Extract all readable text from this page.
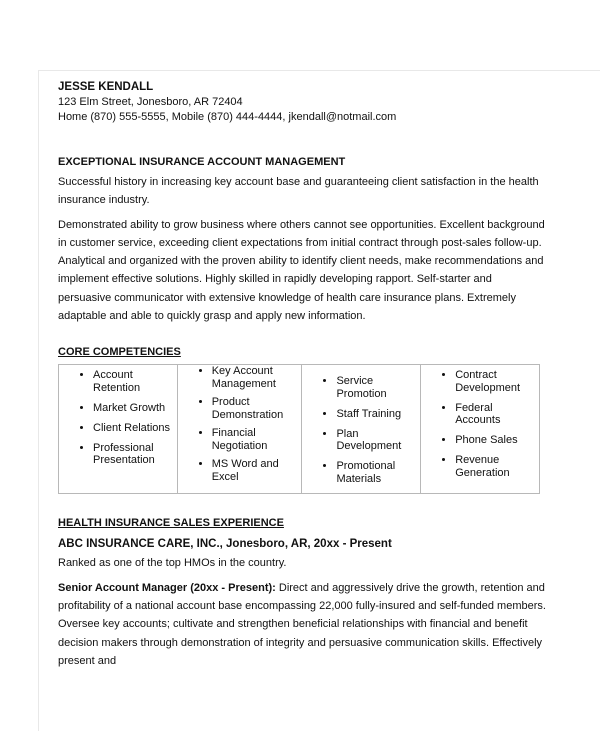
JESSE KENDALL
123 Elm Street, Jonesboro, AR 72404
Home (870) 555-5555, Mobile (870) 444-4444, jkendall@notmail.com
EXCEPTIONAL INSURANCE ACCOUNT MANAGEMENT

Successful history in increasing key account base and guaranteeing client satisfaction in the health insurance industry.

Demonstrated ability to grow business where others cannot see opportunities. Excellent background in customer service, exceeding client expectations from initial contract through post-sales follow-up. Analytical and organized with the proven ability to identify client needs, make recommendations and implement effective solutions. Highly skilled in rapidly developing rapport. Self-starter and persuasive communicator with extensive knowledge of health care insurance plans. Extremely adaptable and able to quickly grasp and apply new information.

CORE COMPETENCIES
• Account Retention
• Market Growth
• Client Relations
• Professional Presentation

• Key Account Management
• Product Demonstration
• Financial Negotiation
• MS Word and Excel

• Service Promotion
• Staff Training
• Plan Development
• Promotional Materials

• Contract Development
• Federal Accounts
• Phone Sales
• Revenue Generation
HEALTH INSURANCE SALES EXPERIENCE
ABC INSURANCE CARE, INC., Jonesboro, AR, 20xx - Present
Ranked as one of the top HMOs in the country.

Senior Account Manager (20xx - Present): Direct and aggressively drive the growth, retention and profitability of a national account base encompassing 22,000 fully-insured and self-funded members. Oversee key accounts; cultivate and strengthen beneficial relationships with financial and benefit decision makers through demonstration of integrity and persuasive communication skills. Effectively present and
